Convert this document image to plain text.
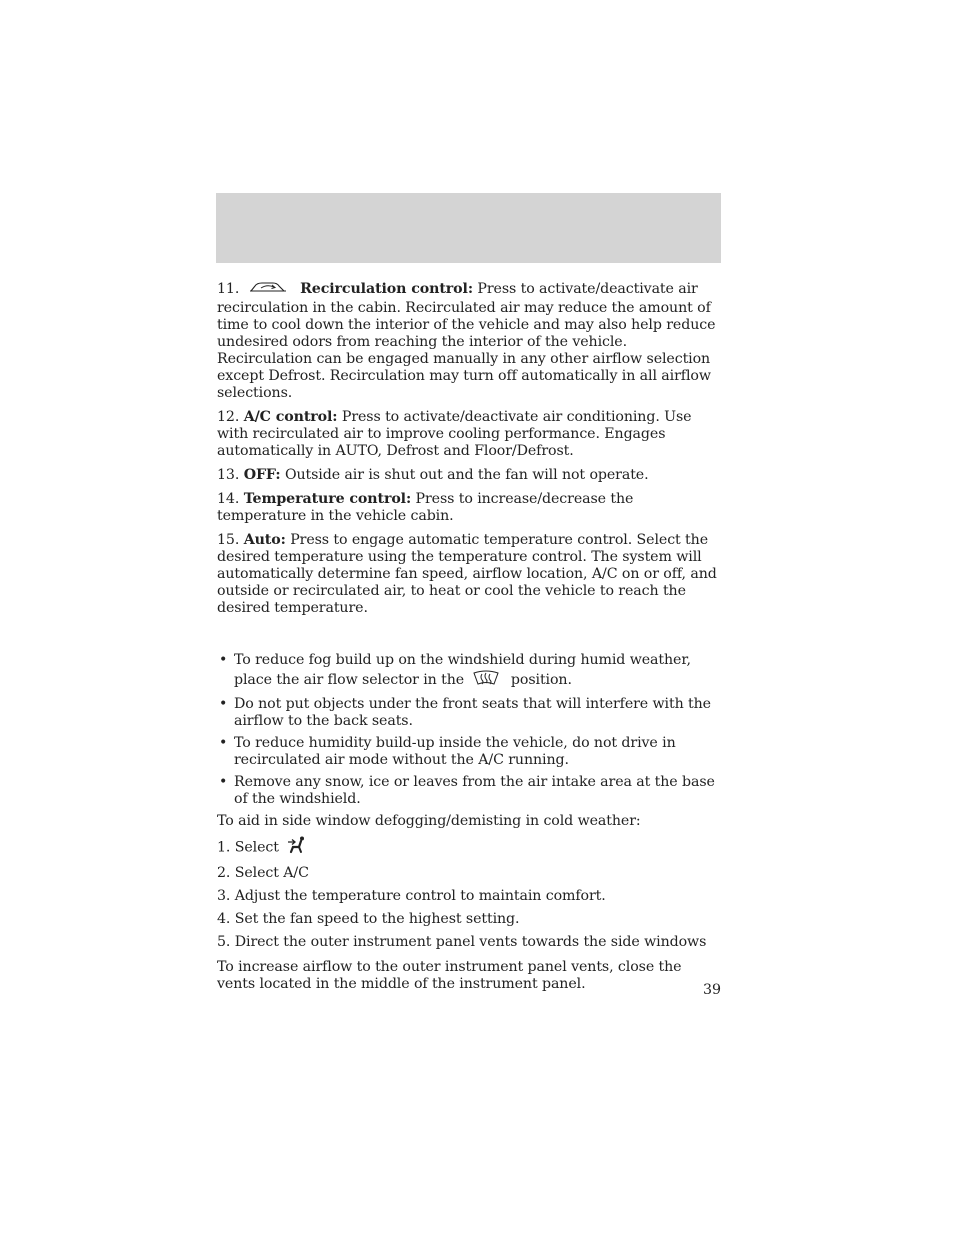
11.	Recirculation control: Press to activate/deactivate air recirculation in the cabin. Recirculated air may reduce the amount of time to cool down the interior of the vehicle and may also help reduce undesired odors from reaching the interior of the vehicle. Recirculation can be engaged manually in any other airflow selection except Defrost. Recirculation may turn off automatically in all airflow selections.

12. A/C control: Press to activate/deactivate air conditioning. Use with recirculated air to improve cooling performance. Engages automatically in AUTO, Defrost and Floor/Defrost.

13. OFF: Outside air is shut out and the fan will not operate.

14. Temperature control: Press to increase/decrease the temperature in the vehicle cabin.

15. Auto: Press to engage automatic temperature control. Select the desired temperature using the temperature control. The system will automatically determine fan speed, airflow location, A/C on or off, and outside or recirculated air, to heat or cool the vehicle to reach the desired temperature.

• To reduce fog build up on the windshield during humid weather, place the air flow selector in the	position.
• Do not put objects under the front seats that will interfere with the airflow to the back seats.
• To reduce humidity build-up inside the vehicle, do not drive in recirculated air mode without the A/C running.
• Remove any snow, ice or leaves from the air intake area at the base of the windshield.

To aid in side window defogging/demisting in cold weather:

1. Select

2. Select A/C

3. Adjust the temperature control to maintain comfort.

4. Set the fan speed to the highest setting.

5. Direct the outer instrument panel vents towards the side windows

To increase airflow to the outer instrument panel vents, close the vents located in the middle of the instrument panel.	39
